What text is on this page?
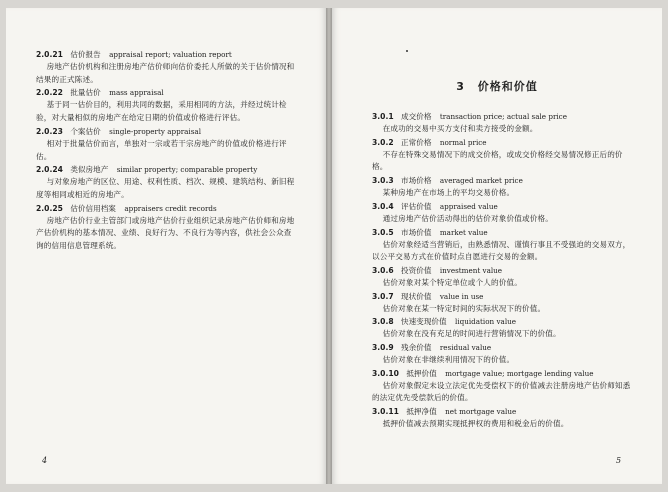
2.0.21 估价报告 appraisal report; valuation report
房地产估价机构和注册房地产估价师向估价委托人所做的关于估价情况和结果的正式陈述。
2.0.22 批量估价 mass appraisal
基于同一估价目的，利用共同的数据，采用相同的方法，并经过统计检验，对大量相似的房地产在给定日期的价值或价格进行评估。
2.0.23 个案估价 single-property appraisal
相对于批量估价而言，单独对一宗或若干宗房地产的价值或价格进行评估。
2.0.24 类似房地产 similar property; comparable property
与对象房地产的区位、用途、权利性质、档次、规模、建筑结构、新旧程度等相同或相近的房地产。
2.0.25 估价信用档案 appraisers credit records
房地产估价行业主管部门或房地产估价行业组织记录房地产估价师和房地产估价机构的基本情况、业绩、良好行为、不良行为等内容，供社会公众查询的信用信息管理系统。
4
3 价格和价值
3.0.1 成交价格 transaction price; actual sale price
在成功的交易中买方支付和卖方接受的金额。
3.0.2 正常价格 normal price
不存在特殊交易情况下的成交价格，或成交价格经交易情况修正后的价格。
3.0.3 市场价格 averaged market price
某种房地产在市场上的平均交易价格。
3.0.4 评估价值 appraised value
通过房地产估价活动得出的估价对象价值或价格。
3.0.5 市场价值 market value
估价对象经适当营销后，由熟悉情况、谨慎行事且不受强迫的交易双方，以公平交易方式在价值时点自愿进行交易的金额。
3.0.6 投资价值 investment value
估价对象对某个特定单位或个人的价值。
3.0.7 现状价值 value in use
估价对象在某一特定时间的实际状况下的价值。
3.0.8 快速变现价值 liquidation value
估价对象在没有充足的时间进行营销情况下的价值。
3.0.9 残余价值 residual value
估价对象在非继续利用情况下的价值。
3.0.10 抵押价值 mortgage value; mortgage lending value
估价对象假定未设立法定优先受偿权下的价值减去注册房地产估价师知悉的法定优先受偿款后的价值。
3.0.11 抵押净值 net mortgage value
抵押价值减去预期实现抵押权的费用和税金后的价值。
5
